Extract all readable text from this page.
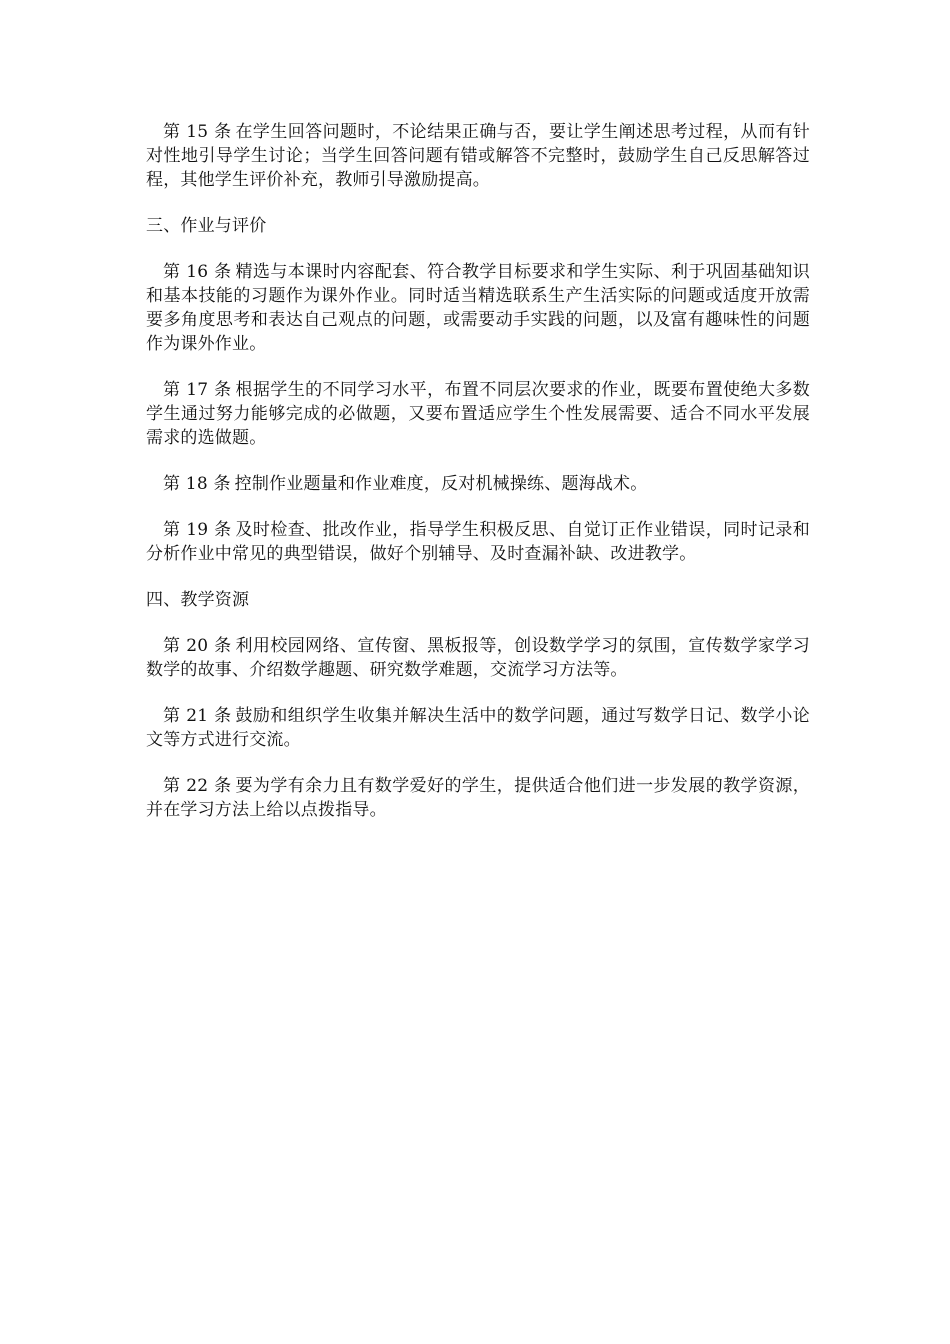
第 15 条 在学生回答问题时，不论结果正确与否，要让学生阐述思考过程，从而有针对性地引导学生讨论；当学生回答问题有错或解答不完整时，鼓励学生自己反思解答过程，其他学生评价补充，教师引导激励提高。

三、作业与评价

第 16 条 精选与本课时内容配套、符合教学目标要求和学生实际、利于巩固基础知识和基本技能的习题作为课外作业。同时适当精选联系生产生活实际的问题或适度开放需要多角度思考和表达自己观点的问题，或需要动手实践的问题，以及富有趣味性的问题作为课外作业。

第 17 条 根据学生的不同学习水平，布置不同层次要求的作业，既要布置使绝大多数学生通过努力能够完成的必做题，又要布置适应学生个性发展需要、适合不同水平发展需求的选做题。

第 18 条 控制作业题量和作业难度，反对机械操练、题海战术。

第 19 条 及时检查、批改作业，指导学生积极反思、自觉订正作业错误，同时记录和分析作业中常见的典型错误，做好个别辅导、及时查漏补缺、改进教学。

四、教学资源

第 20 条 利用校园网络、宣传窗、黑板报等，创设数学学习的氛围，宣传数学家学习数学的故事、介绍数学趣题、研究数学难题，交流学习方法等。

第 21 条 鼓励和组织学生收集并解决生活中的数学问题，通过写数学日记、数学小论文等方式进行交流。

第 22 条 要为学有余力且有数学爱好的学生，提供适合他们进一步发展的教学资源，并在学习方法上给以点拨指导。
